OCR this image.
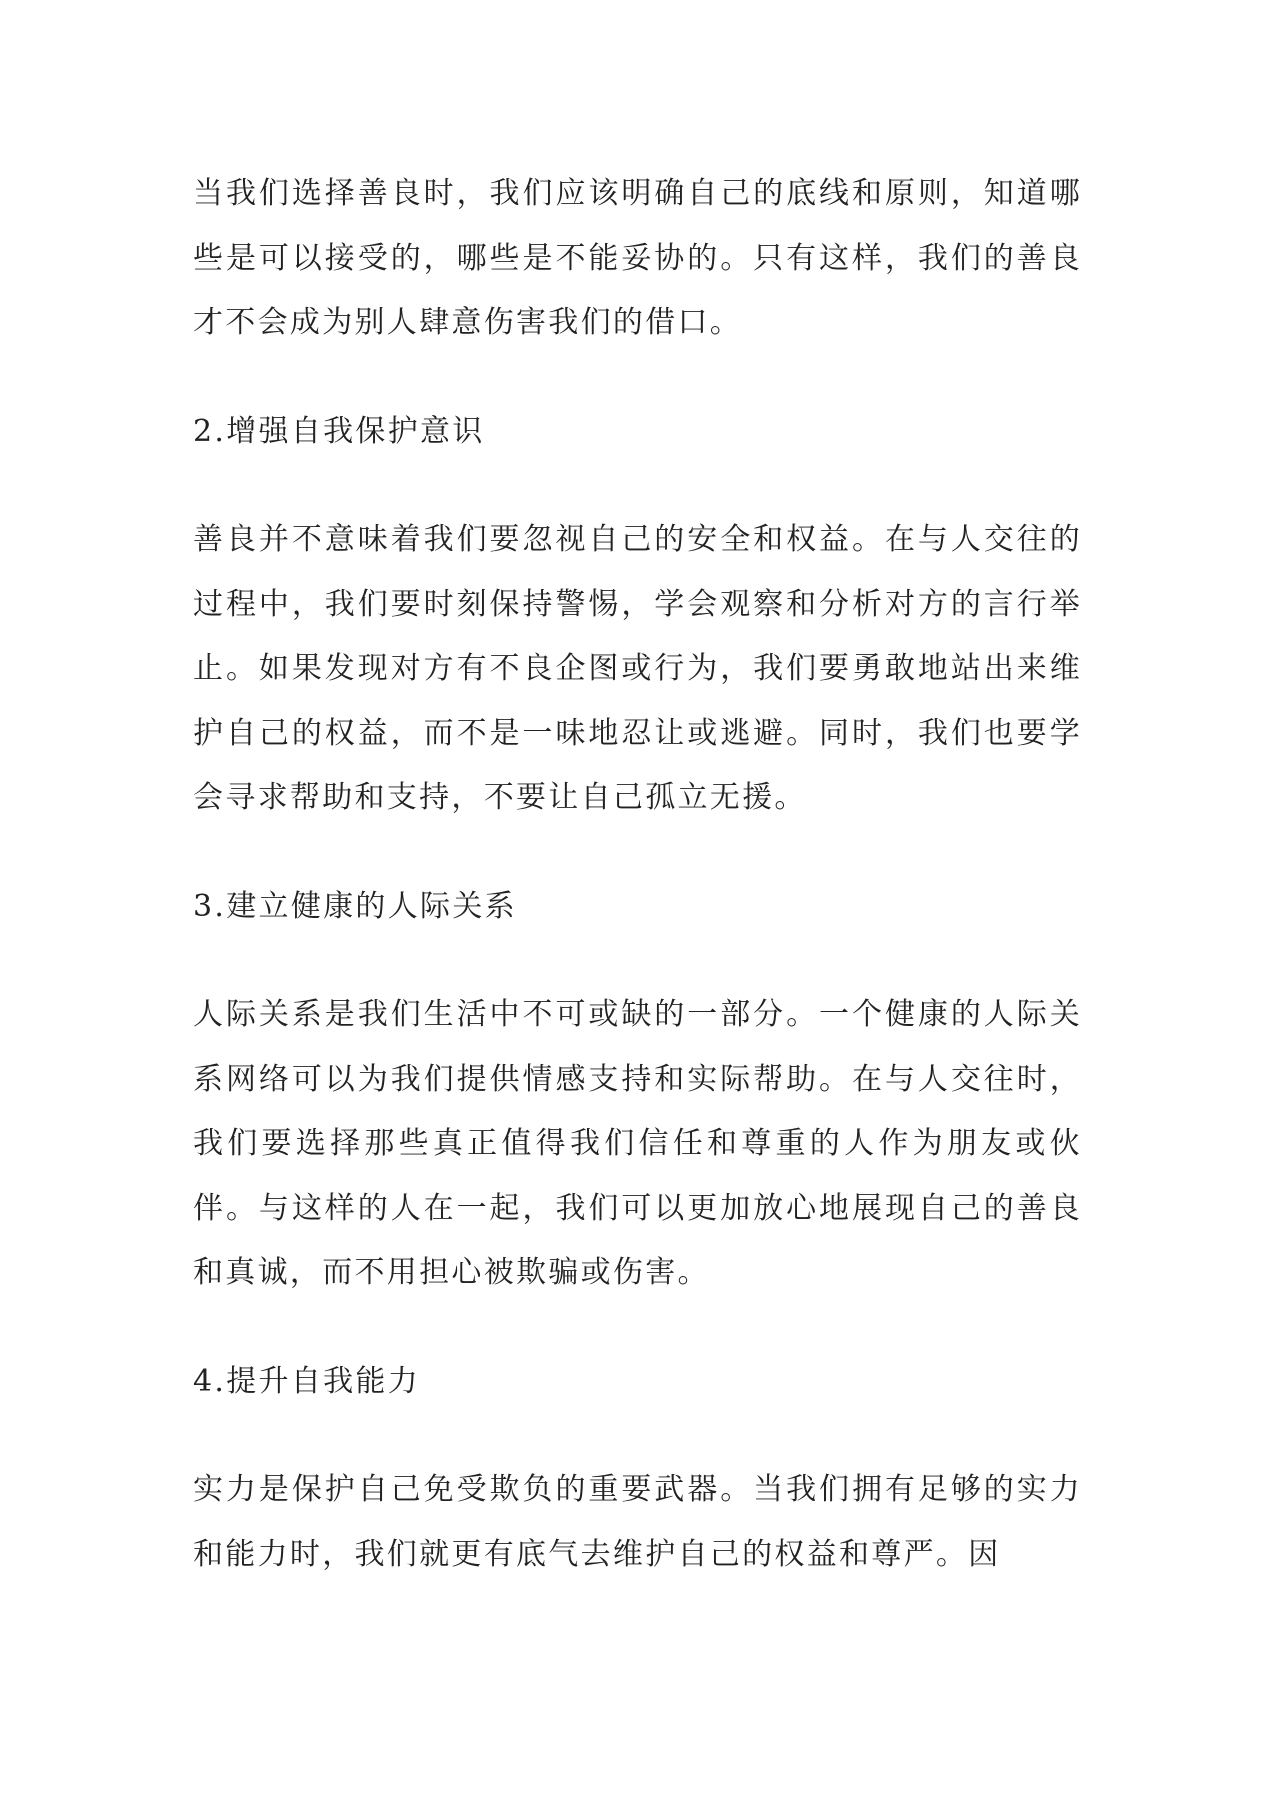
当我们选择善良时，我们应该明确自己的底线和原则，知道哪些是可以接受的，哪些是不能妥协的。只有这样，我们的善良才不会成为别人肆意伤害我们的借口。

2.增强自我保护意识

善良并不意味着我们要忽视自己的安全和权益。在与人交往的过程中，我们要时刻保持警惕，学会观察和分析对方的言行举止。如果发现对方有不良企图或行为，我们要勇敢地站出来维护自己的权益，而不是一味地忍让或逃避。同时，我们也要学会寻求帮助和支持，不要让自己孤立无援。

3.建立健康的人际关系

人际关系是我们生活中不可或缺的一部分。一个健康的人际关系网络可以为我们提供情感支持和实际帮助。在与人交往时，我们要选择那些真正值得我们信任和尊重的人作为朋友或伙伴。与这样的人在一起，我们可以更加放心地展现自己的善良和真诚，而不用担心被欺骗或伤害。

4.提升自我能力

实力是保护自己免受欺负的重要武器。当我们拥有足够的实力和能力时，我们就更有底气去维护自己的权益和尊严。因
